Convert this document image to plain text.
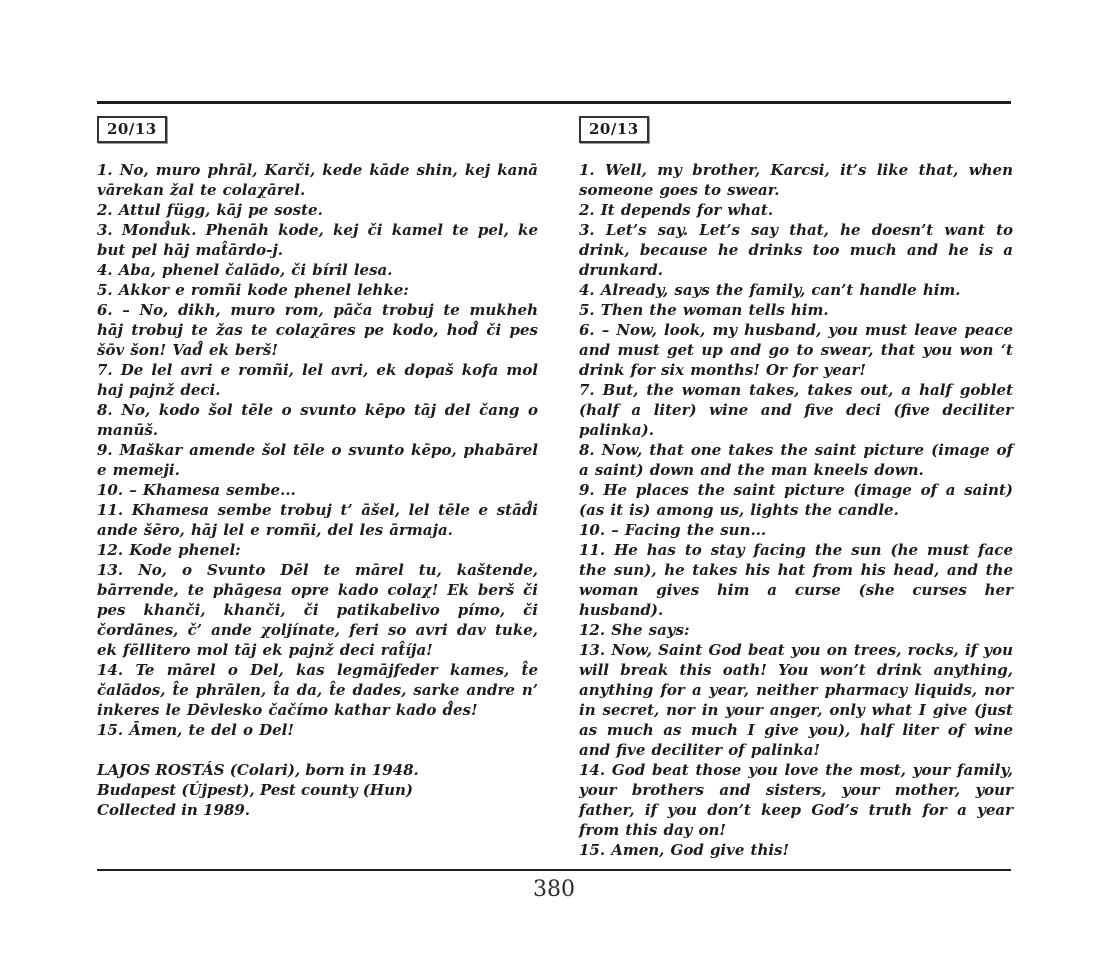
20/13

1. No, muro phrāl, Karči, kede kāde shin, kej kanā vārekan žal te colaχārel.

2. Attul függ, kāj pe soste.

3. Mond̂uk. Phenāh kode, kej či kamel te pel, ke but pel hāj mat̂ārdo-j.

4. Aba, phenel čalādo, či bíril lesa.

5. Akkor e romñi kode phenel lehke:

6. – No, dikh, muro rom, pāča trobuj te mukheh hāj trobuj te žas te colaχāres pe kodo, hod̂ či pes šōv šon! Vad̂ ek berš!

7. De lel avri e romñi, lel avri, ek dopaš kofa mol haj pajnž deci.

8. No, kodo šol tēle o svunto kēpo tāj del čang o manūš.

9. Maškar amende šol tēle o svunto kēpo, phabārel e memeji.

10. – Khamesa sembe...

11. Khamesa sembe trobuj t’ āšel, lel tēle e stād̂i ande šēro, hāj lel e romñi, del les ārmaja.

12. Kode phenel:

13. No, o Svunto Dēl te mārel tu, kaštende, bārrende, te phāgesa opre kado colaχ! Ek berš či pes khanči, khanči, či patikabelivo pímo, či čordānes, č’ ande χoljínate, feri so avri dav tuke, ek fēllitero mol tāj ek pajnž deci rat̂íja!

14. Te mārel o Del, kas legmājfeder kames, t̂e čalādos, t̂e phrālen, t̂a da, t̂e dades, sarke andre n’ inkeres le Dēvlesko čačímo kathar kado d̂es!

15. Āmen, te del o Del!

LAJOS ROSTÁS (Colari), born in 1948.

Budapest (Újpest), Pest county (Hun)

Collected in 1989.

20/13

1. Well, my brother, Karcsi, it’s like that, when someone goes to swear.

2. It depends for what.

3. Let’s say. Let’s say that, he doesn’t want to drink, because he drinks too much and he is a drunkard.

4. Already, says the family, can’t handle him.

5. Then the woman tells him.

6. – Now, look, my husband, you must leave peace and must get up and go to swear, that you won ‘t drink for six months! Or for year!

7. But, the woman takes, takes out, a half goblet (half a liter) wine and five deci (five deciliter palinka).

8. Now, that one takes the saint picture (image of a saint) down and the man kneels down.

9. He places the saint picture (image of a saint) (as it is) among us, lights the candle.

10. – Facing the sun...

11. He has to stay facing the sun (he must face the sun), he takes his hat from his head, and the woman gives him a curse (she curses her husband).

12. She says:

13. Now, Saint God beat you on trees, rocks, if you will break this oath! You won’t drink anything, anything for a year, neither pharmacy liquids, nor in secret, nor in your anger, only what I give (just as much as much I give you), half liter of wine and five deciliter of palinka!

14. God beat those you love the most, your family, your brothers and sisters, your mother, your father, if you don’t keep God’s truth for a year from this day on!

15. Amen, God give this!

380
